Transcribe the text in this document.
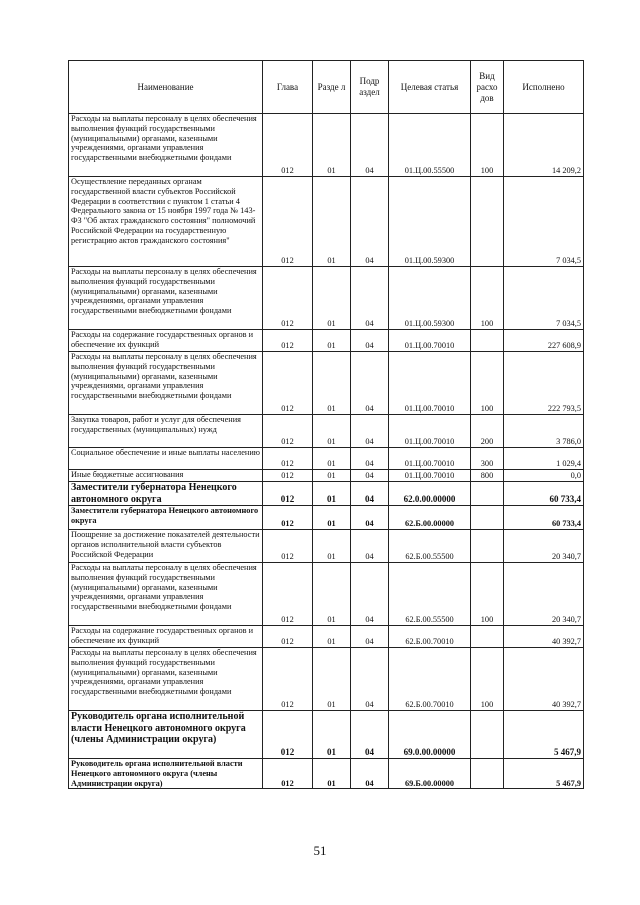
Наименование	Глава	Разде л	Подр аздел	Целевая статья	Вид расхо дов	Исполнено
Расходы на выплаты персоналу в целях обеспечения выполнения функций государственными (муниципальными) органами, казенными учреждениями, органами управления государственными внебюджетными фондами	012	01	04	01.Ц.00.55500	100	14 209,2
Осуществление переданных органам государственной власти субъектов Российской Федерации в соответствии с пунктом 1 статьи 4 Федерального закона от 15 ноября 1997 года № 143-ФЗ "Об актах гражданского состояния" полномочий Российской Федерации на государственную регистрацию актов гражданского состояния"	012	01	04	01.Ц.00.59300		7 034,5
Расходы на выплаты персоналу в целях обеспечения выполнения функций государственными (муниципальными) органами, казенными учреждениями, органами управления государственными внебюджетными фондами	012	01	04	01.Ц.00.59300	100	7 034,5
Расходы на содержание государственных органов и обеспечение их функций	012	01	04	01.Ц.00.70010		227 608,9
Расходы на выплаты персоналу в целях обеспечения выполнения функций государственными (муниципальными) органами, казенными учреждениями, органами управления государственными внебюджетными фондами	012	01	04	01.Ц.00.70010	100	222 793,5
Закупка товаров, работ и услуг для обеспечения государственных (муниципальных) нужд	012	01	04	01.Ц.00.70010	200	3 786,0
Социальное обеспечение и иные выплаты населению	012	01	04	01.Ц.00.70010	300	1 029,4
Иные бюджетные ассигнования	012	01	04	01.Ц.00.70010	800	0,0
Заместители губернатора Ненецкого автономного округа	012	01	04	62.0.00.00000		60 733,4
Заместители губернатора Ненецкого автономного округа	012	01	04	62.Б.00.00000		60 733,4
Поощрение за достижение показателей деятельности органов исполнительной власти субъектов Российской Федерации	012	01	04	62.Б.00.55500		20 340,7
Расходы на выплаты персоналу в целях обеспечения выполнения функций государственными (муниципальными) органами, казенными учреждениями, органами управления государственными внебюджетными фондами	012	01	04	62.Б.00.55500	100	20 340,7
Расходы на содержание государственных органов и обеспечение их функций	012	01	04	62.Б.00.70010		40 392,7
Расходы на выплаты персоналу в целях обеспечения выполнения функций государственными (муниципальными) органами, казенными учреждениями, органами управления государственными внебюджетными фондами	012	01	04	62.Б.00.70010	100	40 392,7
Руководитель органа исполнительной власти Ненецкого автономного округа (члены Администрации округа)	012	01	04	69.0.00.00000		5 467,9
Руководитель органа исполнительной власти Ненецкого автономного округа (члены Администрации округа)	012	01	04	69.Б.00.00000		5 467,9
51
